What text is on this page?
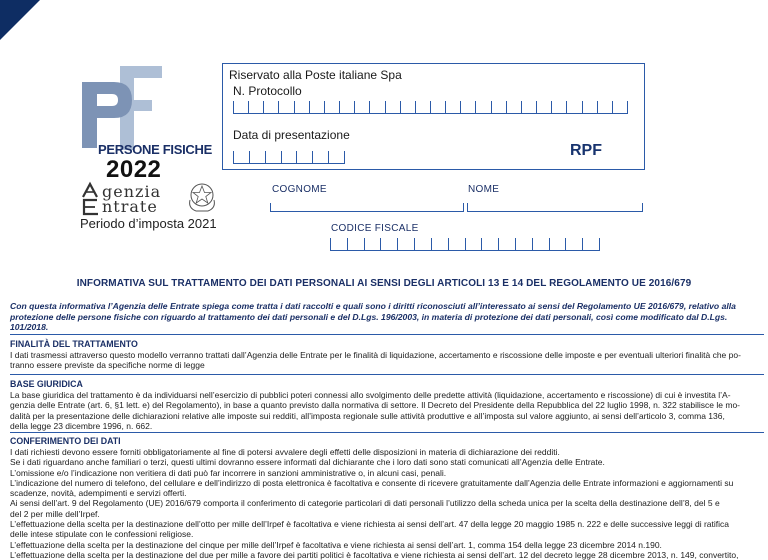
PERSONE FISICHE
2022
genzia
ntrate
Periodo d’imposta 2021
Riservato alla Poste italiane Spa
N. Protocollo
Data di presentazione
RPF
COGNOME	NOME
CODICE FISCALE
INFORMATIVA SUL TRATTAMENTO DEI DATI PERSONALI AI SENSI DEGLI ARTICOLI 13 E 14 DEL REGOLAMENTO UE 2016/679
Con questa informativa l’Agenzia delle Entrate spiega come tratta i dati raccolti e quali sono i diritti riconosciuti all’interessato ai sensi del Regolamento UE 2016/679, relativo alla protezione delle persone fisiche con riguardo al trattamento dei dati personali e del D.Lgs. 196/2003, in materia di protezione dei dati personali, così come modificato dal D.Lgs. 101/2018.
FINALITÀ DEL TRATTAMENTO

I dati trasmessi attraverso questo modello verranno trattati dall’Agenzia delle Entrate per le finalità di liquidazione, accertamento e riscossione delle imposte e per eventuali ulteriori finalità che po-

tranno essere previste da specifiche norme di legge

BASE GIURIDICA

La base giuridica del trattamento è da individuarsi nell’esercizio di pubblici poteri connessi allo svolgimento delle predette attività (liquidazione, accertamento e riscossione) di cui è investita l’A-

genzia delle Entrate (art. 6, §1 lett. e) del Regolamento), in base a quanto previsto dalla normativa di settore. Il Decreto del Presidente della Repubblica del 22 luglio 1998, n. 322 stabilisce le mo-

dalità per la presentazione delle dichiarazioni relative alle imposte sui redditi, all’imposta regionale sulle attività produttive e all’imposta sul valore aggiunto, ai sensi dell’articolo 3, comma 136,

della legge 23 dicembre 1996, n. 662.

CONFERIMENTO DEI DATI

I dati richiesti devono essere forniti obbligatoriamente al fine di potersi avvalere degli effetti delle disposizioni in materia di dichiarazione dei redditi.

Se i dati riguardano anche familiari o terzi, questi ultimi dovranno essere informati dal dichiarante che i loro dati sono stati comunicati all’Agenzia delle Entrate.

L’omissione e/o l’indicazione non veritiera di dati può far incorrere in sanzioni amministrative o, in alcuni casi, penali.

L’indicazione del numero di telefono, del cellulare e dell’indirizzo di posta elettronica è facoltativa e consente di ricevere gratuitamente dall’Agenzia delle Entrate informazioni e aggiornamenti su

scadenze, novità, adempimenti e servizi offerti.

Ai sensi dell’art. 9 del Regolamento (UE) 2016/679 comporta il conferimento di categorie particolari di dati personali l’utilizzo della scheda unica per la scelta della destinazione dell’8, del 5 e

del 2 per mille dell’Irpef.

L’effettuazione della scelta per la destinazione dell’otto per mille dell’Irpef è facoltativa e viene richiesta ai sensi dell’art. 47 della legge 20 maggio 1985 n. 222 e delle successive leggi di ratifica

delle intese stipulate con le confessioni religiose.

L’effettuazione della scelta per la destinazione del cinque per mille dell’Irpef è facoltativa e viene richiesta ai sensi dell’art. 1, comma 154 della legge 23 dicembre 2014 n.190.

L’effettuazione della scelta per la destinazione del due per mille a favore dei partiti politici è facoltativa e viene richiesta ai sensi dell’art. 12 del decreto legge 28 dicembre 2013, n. 149, convertito,
